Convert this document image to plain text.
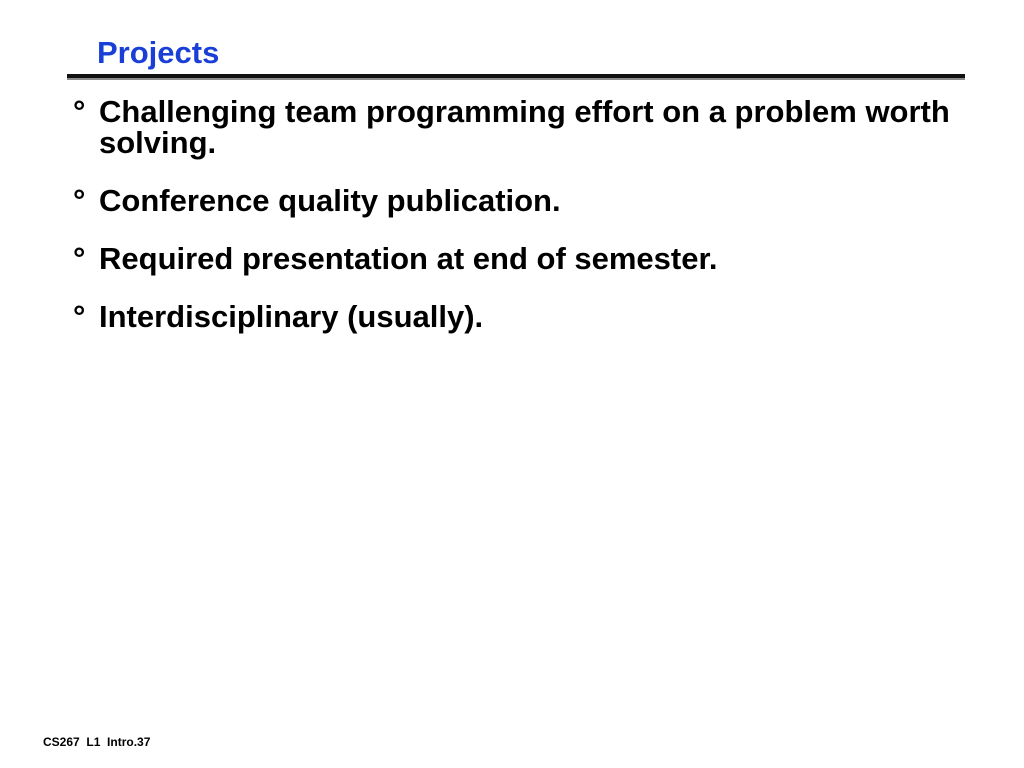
Projects
° Challenging team programming effort on a problem worth solving.
° Conference quality publication.
° Required presentation at end of semester.
° Interdisciplinary (usually).
CS267  L1  Intro.37
